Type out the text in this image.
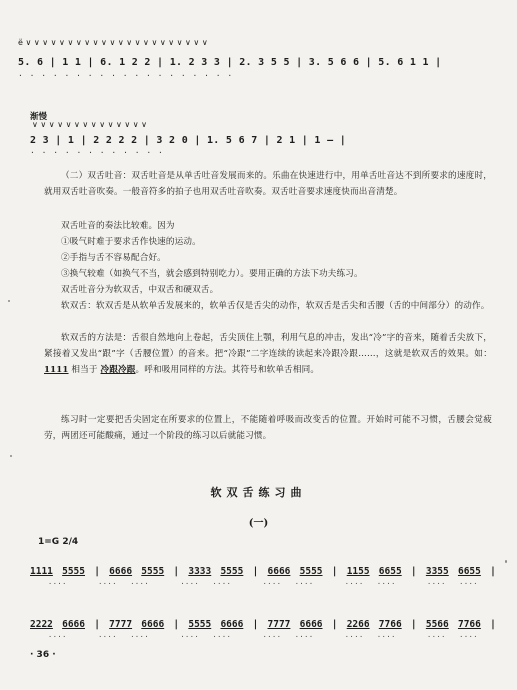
ё ∨ ∨ ∨ ∨ ∨ ∨ ∨ ∨ ∨ ∨ ∨ ∨ ∨ ∨ ∨ ∨ ∨ ∨ ∨ ∨ ∨ ∨
5. 6 | 1 1 | 6. 1 2 2 | 1. 2 3 3 | 2. 3 5 5 | 3. 5 6 6 | 5. 6 1 1 |
. . . . . . . . . . . . . . . . . . .
渐慢
∨ ∨ ∨ ∨ ∨ ∨ ∨ ∨ ∨ ∨ ∨ ∨ ∨ ∨
2 3 | 1 | 2 2 2 2 | 3 2 0 | 1. 5 6 7 | 2 1 | 1 — |
. . . . . . . . . . . .
（二）双舌吐音：双舌吐音是从单舌吐音发展而来的。乐曲在快速进行中，用单舌吐音达不到所要求的速度时，就用双舌吐音吹奏。一般音符多的拍子也用双舌吐音吹奏。双舌吐音要求速度快而出音清楚。
双舌吐音的奏法比较难。因为
①吸气时难于要求舌作快速的运动。
②手指与舌不容易配合好。
③换气较难（如换气不当，就会感到特别吃力）。要用正确的方法下功夫练习。
双舌吐音分为软双舌，中双舌和硬双舌。
软双舌：软双舌是从软单舌发展来的，软单舌仅是舌尖的动作，软双舌是舌尖和舌腰（舌的中间部分）的动作。
软双舌的方法是：舌很自然地向上卷起，舌尖顶住上顎，利用气息的冲击，发出“冷”字的音来，随着舌尖放下，紧接着又发出“跟”字（舌腰位置）的音来。把“冷跟”二字连续的读起来冷跟冷跟……，这就是软双舌的效果。如：1111 相当于 冷跟冷跟。呼和吸用同样的方法。其符号和软单舌相同。
练习时一定要把舌尖固定在所要求的位置上，不能随着呼吸而改变舌的位置。开始时可能不习惯，舌腰会觉疲劳，两团还可能酸痛，通过一个阶段的练习以后就能习惯。
软双舌练习曲
(一)
1=G 2/4
1111 5555 | 6666 5555 | 3333 5555 | 6666 5555 | 1155 6655 | 3355 6655 |

····
	···· ····
	···· ····
	···· ····
	···· ····
	···· ····

2222 6666 | 7777 6666 | 5555 6666 | 7777 6666 | 2266 7766 | 5566 7766 |

····
	···· ····
	···· ····
	···· ····
	···· ····
	···· ····

· 36 ·
